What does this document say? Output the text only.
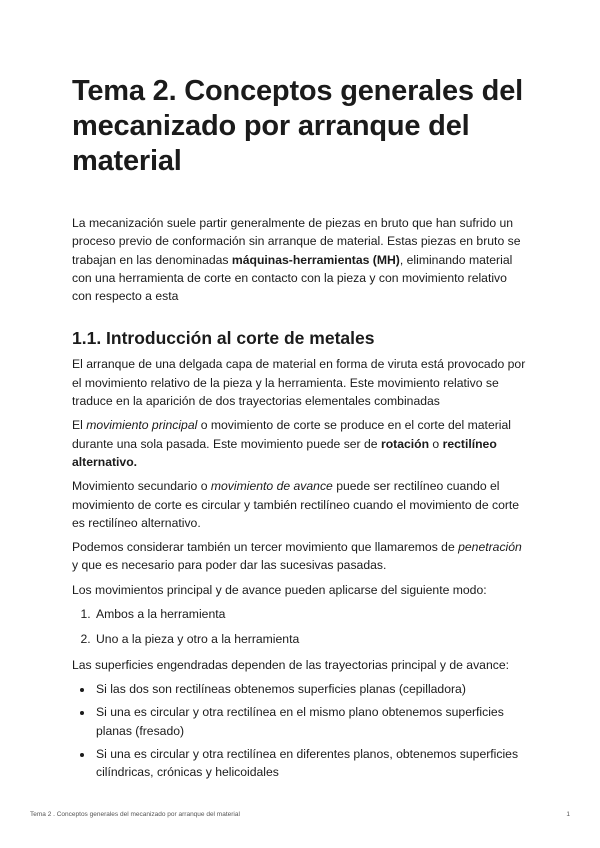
Tema 2. Conceptos generales del mecanizado por arranque del material

La mecanización suele partir generalmente de piezas en bruto que han sufrido un proceso previo de conformación sin arranque de material. Estas piezas en bruto se trabajan en las denominadas máquinas-herramientas (MH), eliminando material con una herramienta de corte en contacto con la pieza y con movimiento relativo con respecto a esta

1.1. Introducción al corte de metales

El arranque de una delgada capa de material en forma de viruta está provocado por el movimiento relativo de la pieza y la herramienta. Este movimiento relativo se traduce en la aparición de dos trayectorias elementales combinadas

El movimiento principal o movimiento de corte se produce en el corte del material durante una sola pasada. Este movimiento puede ser de rotación o rectilíneo alternativo.

Movimiento secundario o movimiento de avance puede ser rectilíneo cuando el movimiento de corte es circular y también rectilíneo cuando el movimiento de corte es rectilíneo alternativo.

Podemos considerar también un tercer movimiento que llamaremos de penetración y que es necesario para poder dar las sucesivas pasadas.

Los movimientos principal y de avance pueden aplicarse del siguiente modo:

1. Ambos a la herramienta
2. Uno a la pieza y otro a la herramienta

Las superficies engendradas dependen de las trayectorias principal y de avance:

• Si las dos son rectilíneas obtenemos superficies planas (cepilladora)
• Si una es circular y otra rectilínea en el mismo plano obtenemos superficies planas (fresado)
• Si una es circular y otra rectilínea en diferentes planos, obtenemos superficies cilíndricas, crónicas y helicoidales
Tema 2 . Conceptos generales del mecanizado por arranque del material	1
